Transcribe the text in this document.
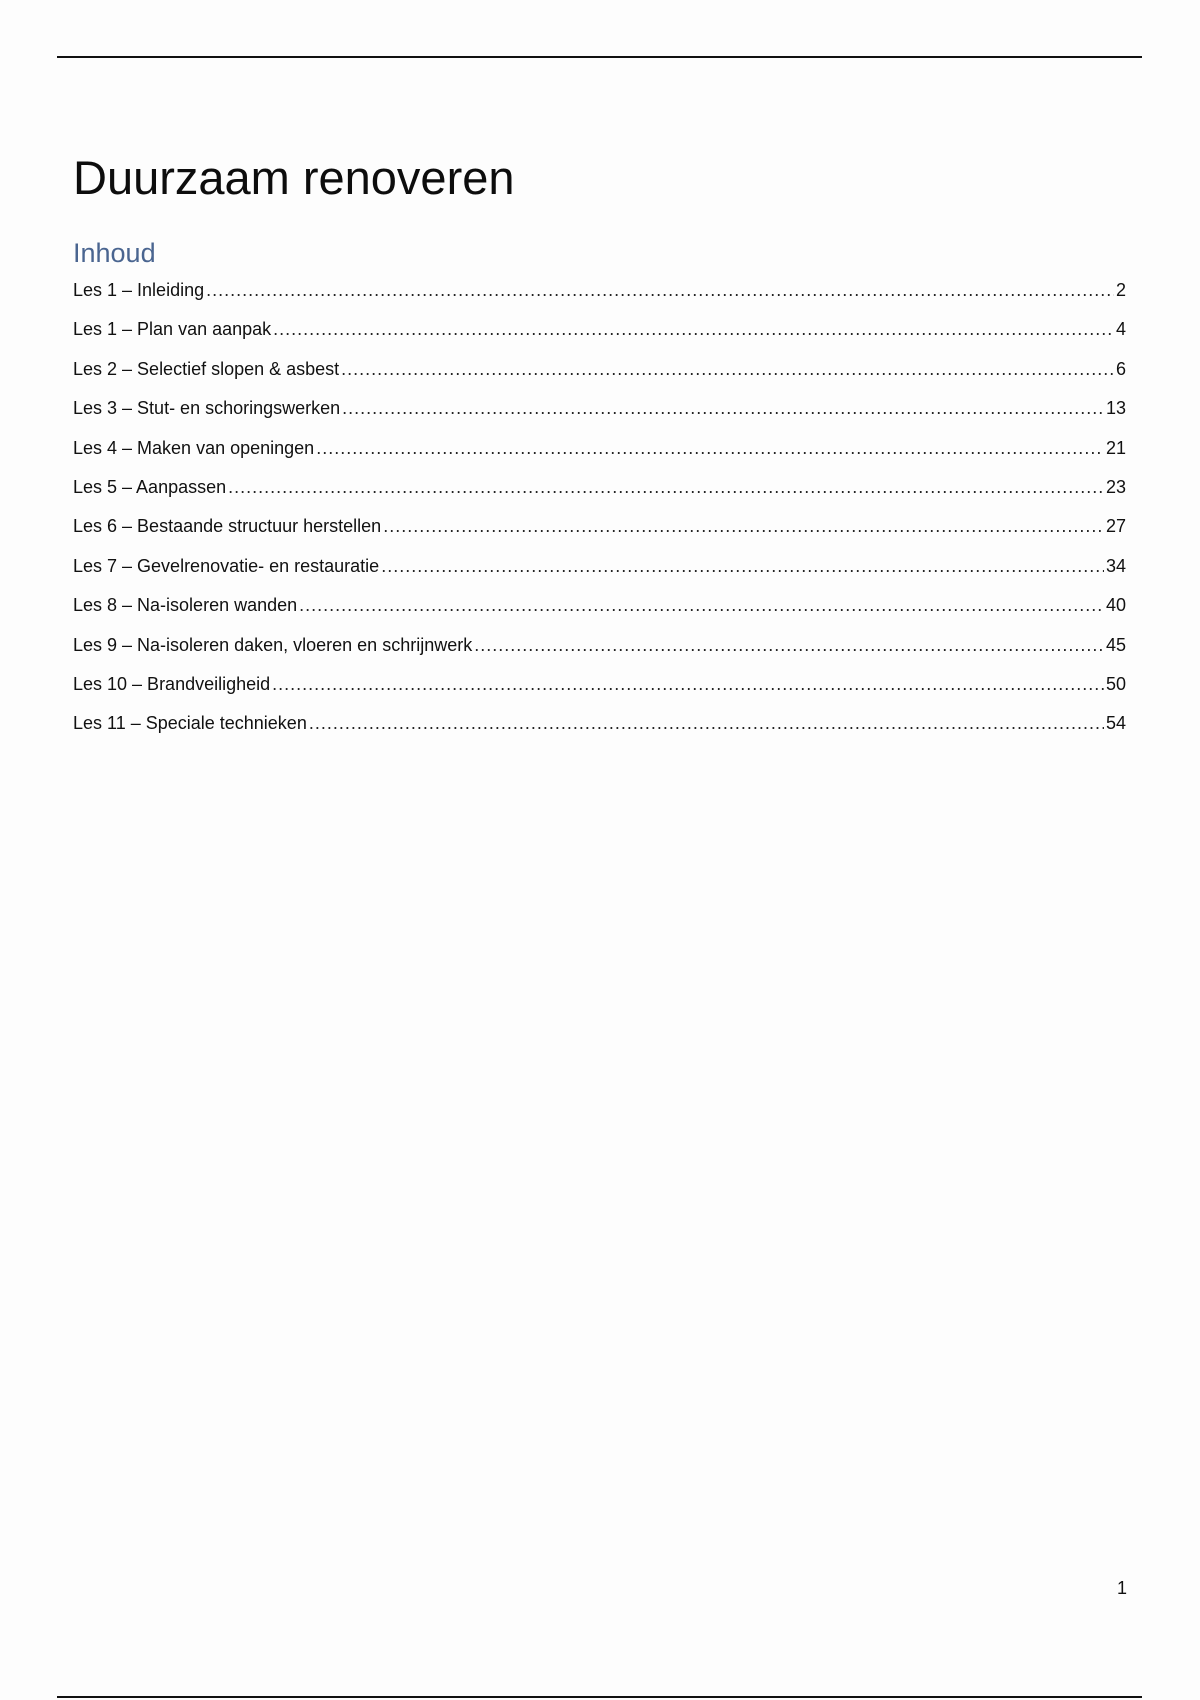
Duurzaam renoveren
Inhoud
Les 1 – Inleiding .....	2
Les 1 – Plan van aanpak .....	4
Les 2 – Selectief slopen & asbest .....	6
Les 3 – Stut- en schoringswerken .....	13
Les 4 – Maken van openingen .....	21
Les 5 – Aanpassen .....	23
Les 6 – Bestaande structuur herstellen .....	27
Les 7 – Gevelrenovatie- en restauratie .....	34
Les 8 – Na-isoleren wanden .....	40
Les 9 – Na-isoleren daken, vloeren en schrijnwerk .....	45
Les 10 – Brandveiligheid .....	50
Les 11 – Speciale technieken .....	54
1
